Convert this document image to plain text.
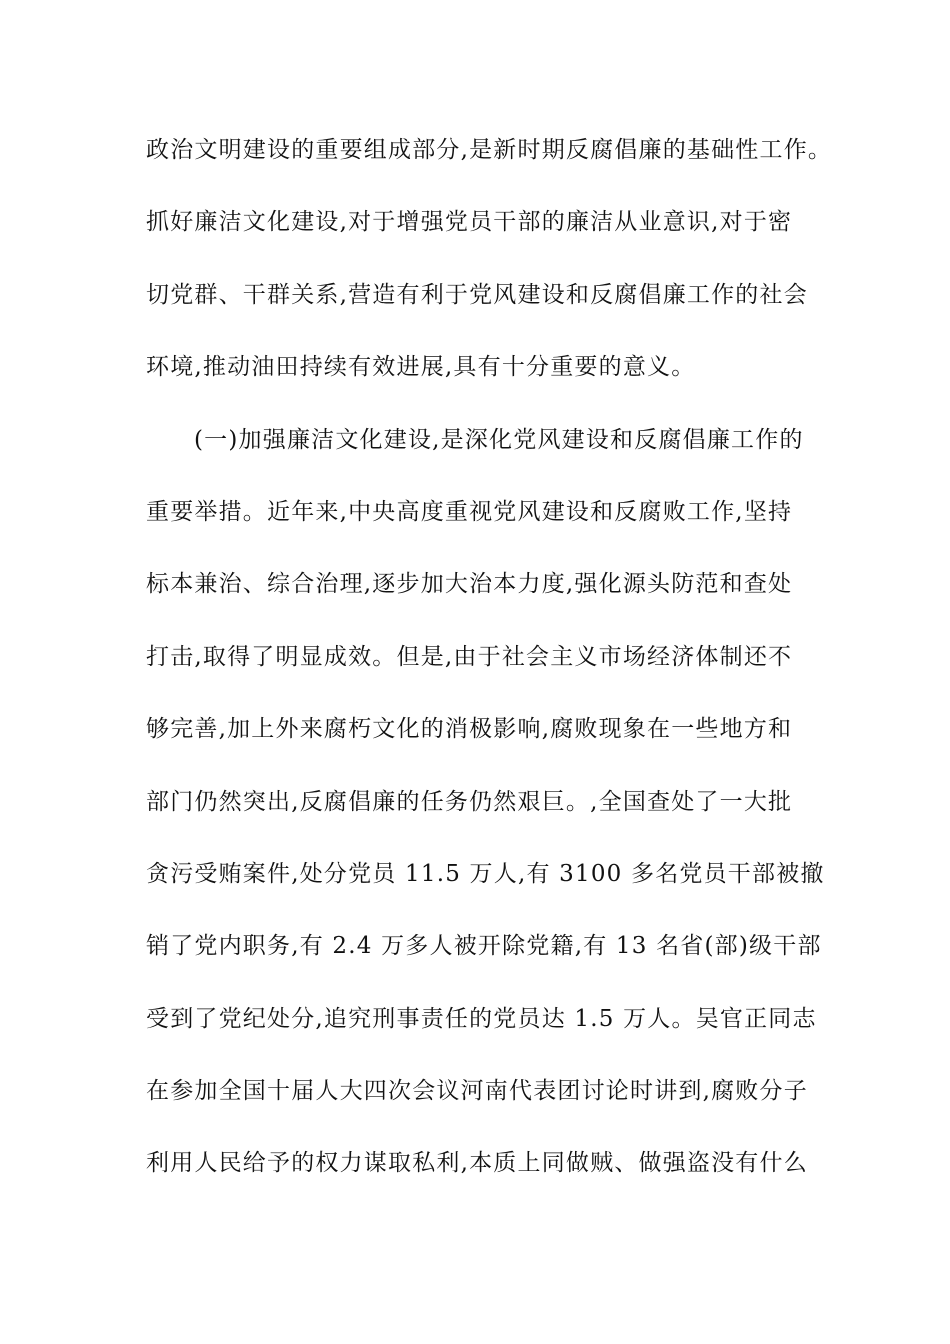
政治文明建设的重要组成部分,是新时期反腐倡廉的基础性工作。
抓好廉洁文化建设,对于增强党员干部的廉洁从业意识,对于密
切党群、干群关系,营造有利于党风建设和反腐倡廉工作的社会
环境,推动油田持续有效进展,具有十分重要的意义。
(一)加强廉洁文化建设,是深化党风建设和反腐倡廉工作的
重要举措。近年来,中央高度重视党风建设和反腐败工作,坚持
标本兼治、综合治理,逐步加大治本力度,强化源头防范和查处
打击,取得了明显成效。但是,由于社会主义市场经济体制还不
够完善,加上外来腐朽文化的消极影响,腐败现象在一些地方和
部门仍然突出,反腐倡廉的任务仍然艰巨。,全国查处了一大批
贪污受贿案件,处分党员 11.5 万人,有 3100 多名党员干部被撤
销了党内职务,有 2.4 万多人被开除党籍,有 13 名省(部)级干部
受到了党纪处分,追究刑事责任的党员达 1.5 万人。吴官正同志
在参加全国十届人大四次会议河南代表团讨论时讲到,腐败分子
利用人民给予的权力谋取私利,本质上同做贼、做强盗没有什么
